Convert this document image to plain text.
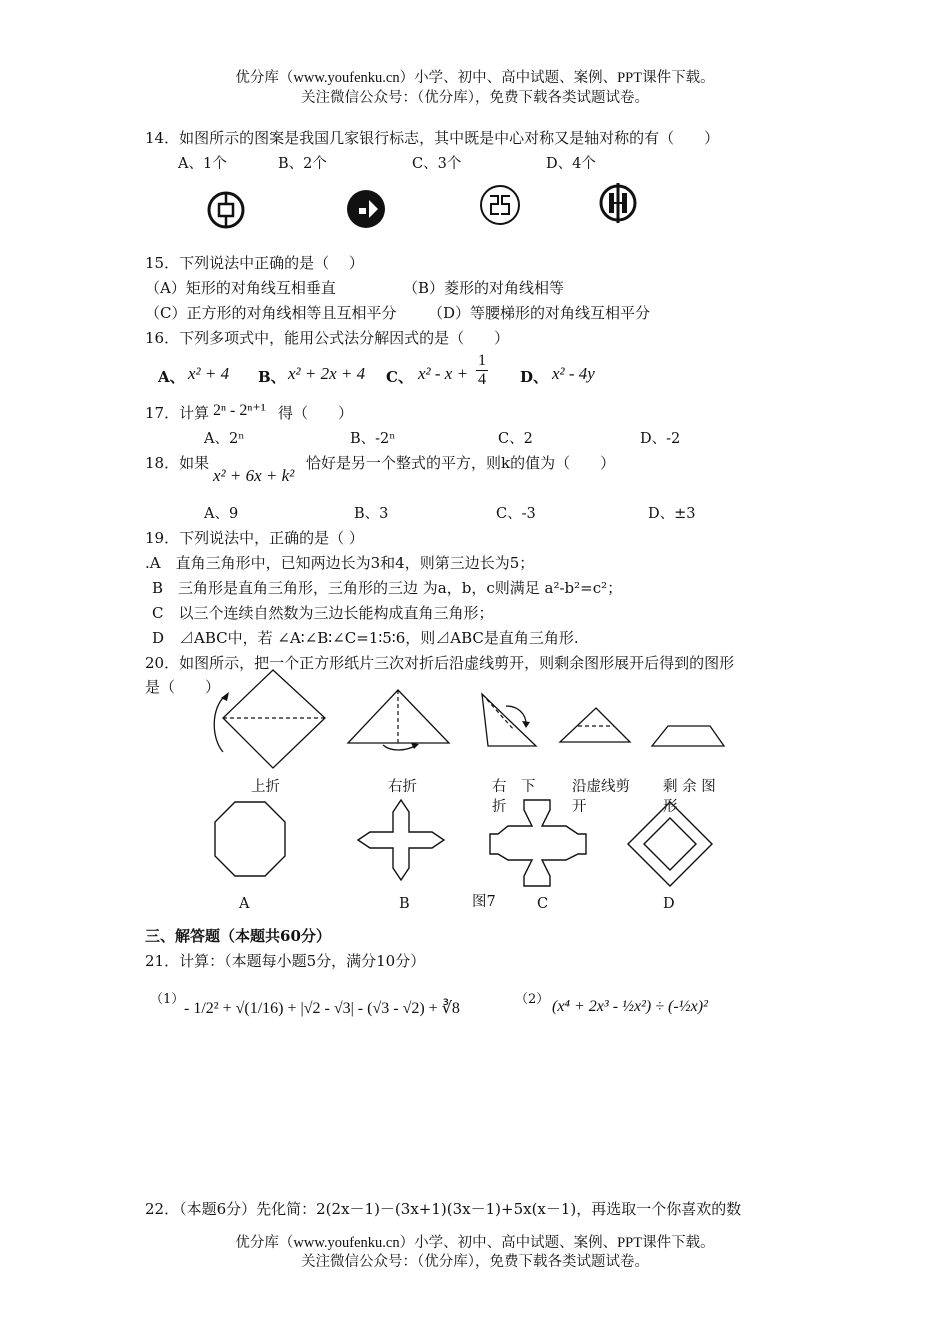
优分库（www.youfenku.cn）小学、初中、高中试题、案例、PPT课件下载。
关注微信公众号：（优分库），免费下载各类试题试卷。
14．如图所示的图案是我国几家银行标志，其中既是中心对称又是轴对称的有（　　）
A、1个	B、2个	C、3个	D、4个
15．下列说法中正确的是（　 ）
（A）矩形的对角线互相垂直	（B）菱形的对角线相等
（C）正方形的对角线相等且互相平分 （D）等腰梯形的对角线互相平分
16．下列多项式中，能用公式法分解因式的是（　　）
A、 x² + 4 B、 x² + 2x + 4 C、 $x^2 - x + \frac{1}{4}$ D、 x² - 4y
17．计算 2ⁿ - 2ⁿ⁺¹ 得（　　）
A、2ⁿ	B、-2ⁿ	C、2	D、-2
18．如果
x² + 6x + k²
恰好是另一个整式的平方，则k的值为（　　）
A、9	B、3	C、-3	D、±3
19．下列说法中，正确的是（ ）
.A　直角三角形中，已知两边长为3和4，则第三边长为5；
B　三角形是直角三角形，三角形的三边 为a，b，c则满足 a²-b²=c²；
C　以三个连续自然数为三边长能构成直角三角形；
D　⊿ABC中，若 ∠A∶∠B∶∠C=1∶5∶6，则⊿ABC是直角三角形.
20．如图所示，把一个正方形纸片三次对折后沿虚线剪开，则剩余图形展开后得到的图形
是（　　）
上折	右折	右　下
折
沿虚线剪
开
剩 余 图
形
A	B	图7	C	D
三、解答题（本题共60分）
21．计算：（本题每小题5分，满分10分）
（1）
- 1/2² + √(1/16) + |√2 - √3| - (√3 - √2) + ∛8
（2） (x⁴ + 2x³ - ½x²) ÷ (-½x)²
22．（本题6分）先化简：2(2x－1)－(3x+1)(3x－1)+5x(x－1)，再选取一个你喜欢的数
优分库（www.youfenku.cn）小学、初中、高中试题、案例、PPT课件下载。
关注微信公众号：（优分库），免费下载各类试题试卷。
